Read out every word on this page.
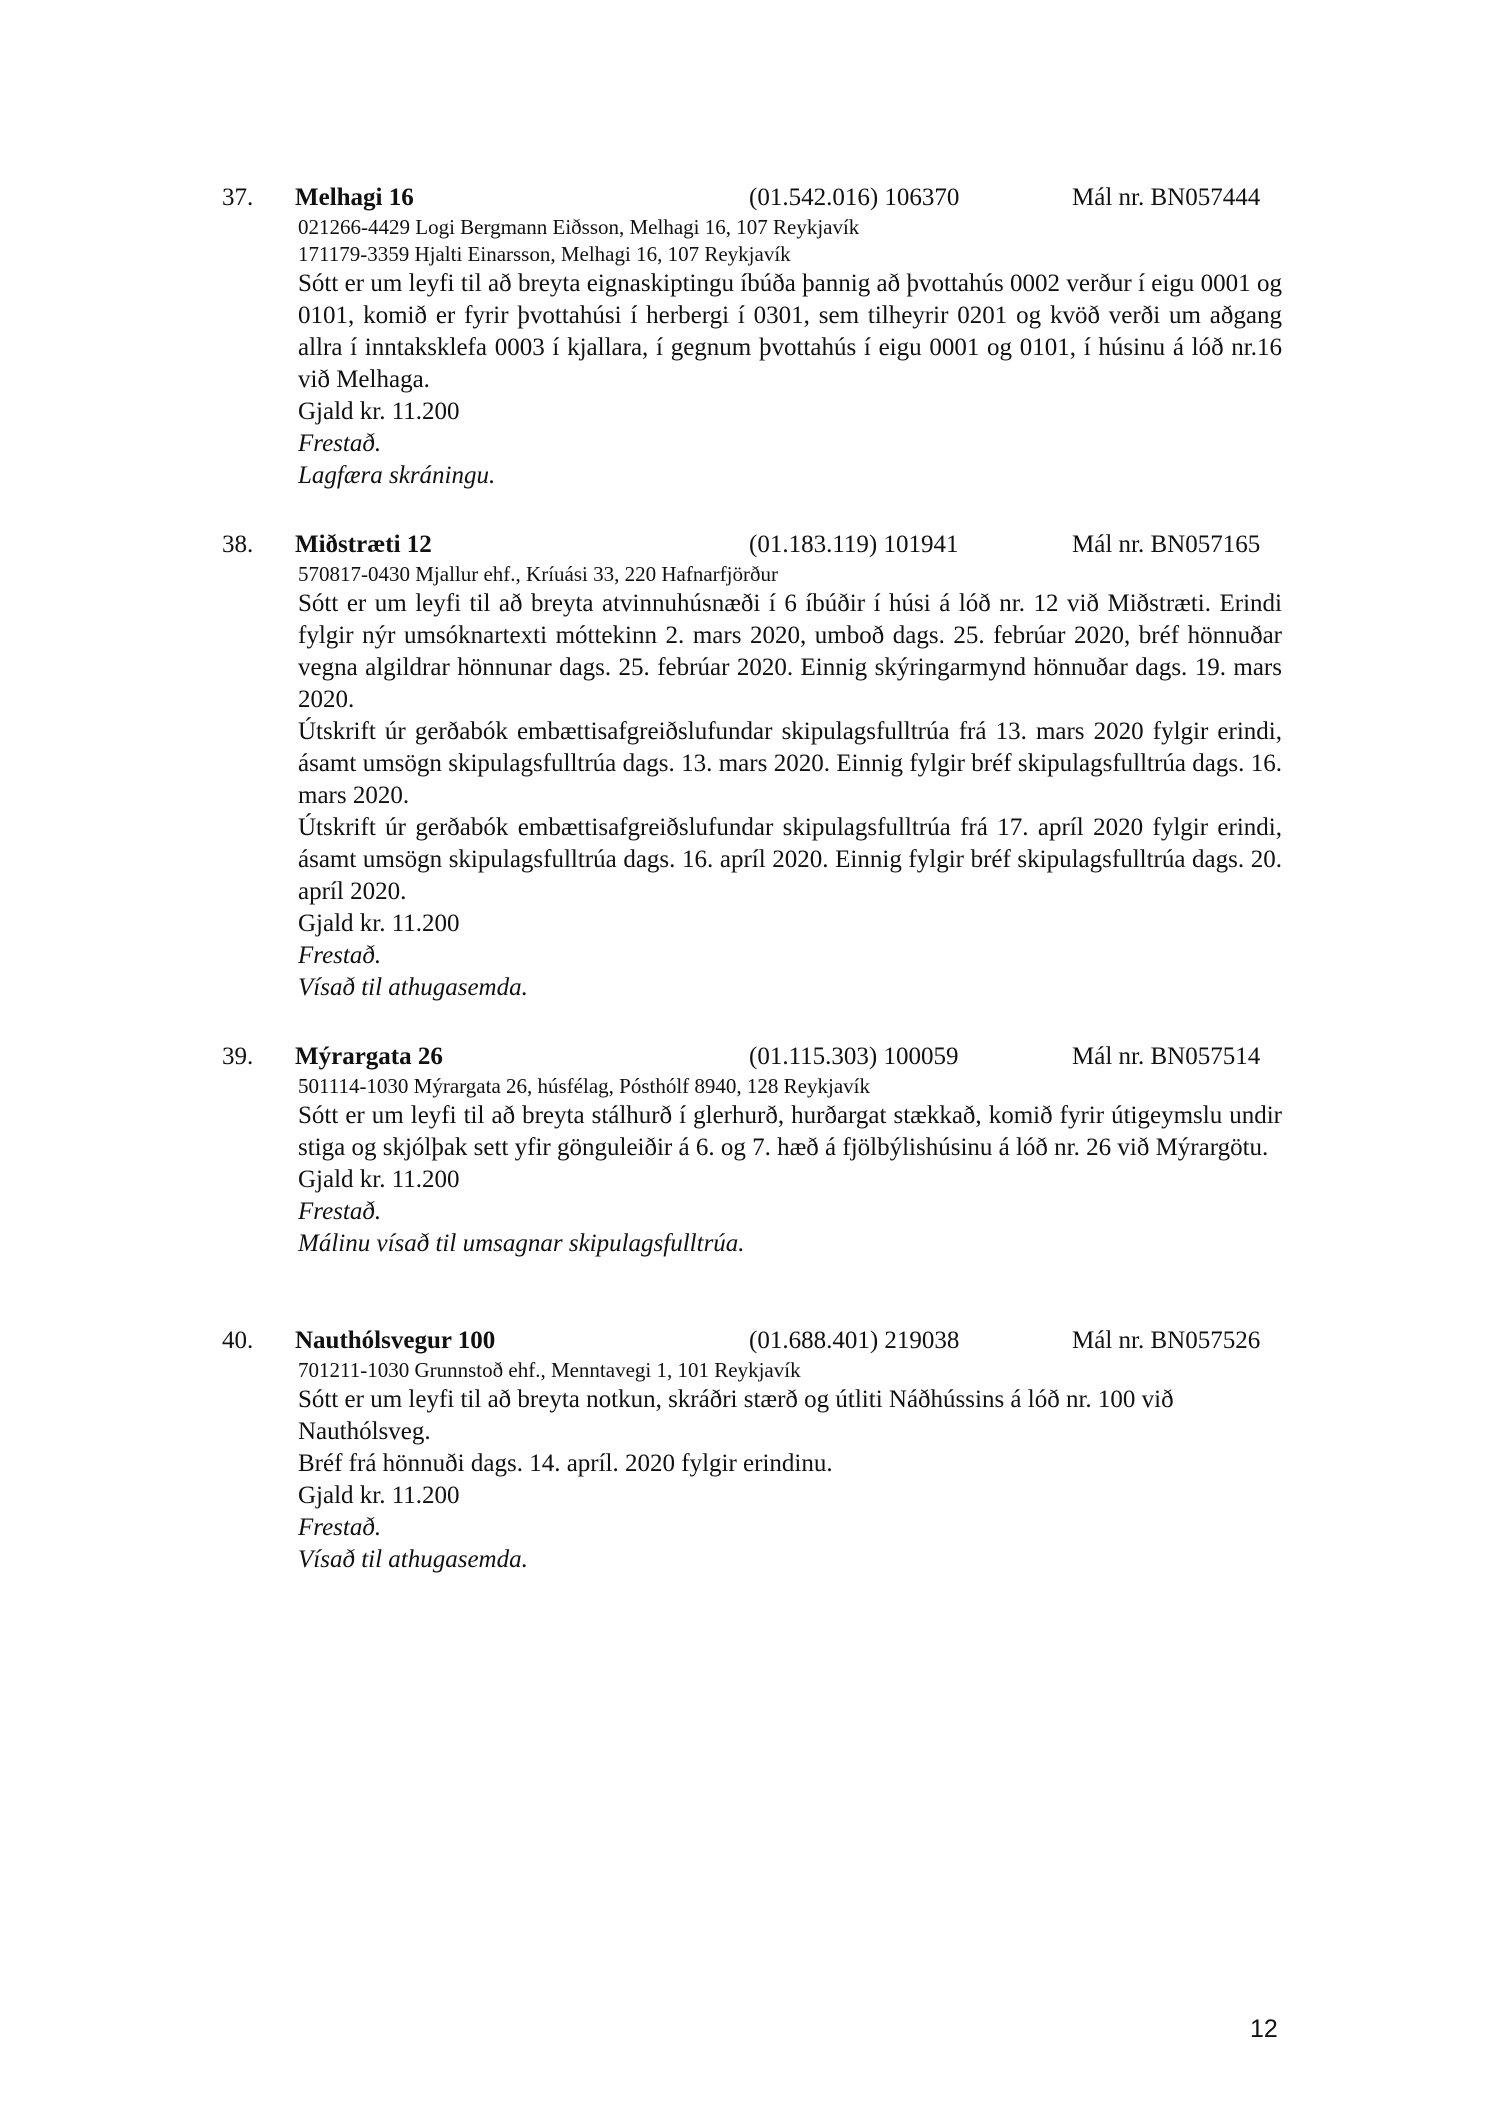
37. Melhagi 16	(01.542.016) 106370	Mál nr. BN057444
021266-4429 Logi Bergmann Eiðsson, Melhagi 16, 107 Reykjavík
171179-3359 Hjalti Einarsson, Melhagi 16, 107 Reykjavík

Sótt er um leyfi til að breyta eignaskiptingu íbúða þannig að þvottahús 0002 verður í eigu 0001 og 0101, komið er fyrir þvottahúsi í herbergi í 0301, sem tilheyrir 0201 og kvöð verði um aðgang allra í inntaksklefa 0003 í kjallara, í gegnum þvottahús í eigu 0001 og 0101, í húsinu á lóð nr.16 við Melhaga.

Gjald kr. 11.200

Frestað.

Lagfæra skráningu.

38. Miðstræti 12	(01.183.119) 101941	Mál nr. BN057165
570817-0430 Mjallur ehf., Kríuási 33, 220 Hafnarfjörður

Sótt er um leyfi til að breyta atvinnuhúsnæði í 6 íbúðir í húsi á lóð nr. 12 við Miðstræti. Erindi fylgir nýr umsóknartexti móttekinn 2. mars 2020, umboð dags. 25. febrúar 2020, bréf hönnuðar vegna algildrar hönnunar dags. 25. febrúar 2020. Einnig skýringarmynd hönnuðar dags. 19. mars 2020.

Útskrift úr gerðabók embættisafgreiðslufundar skipulagsfulltrúa frá 13. mars 2020 fylgir erindi, ásamt umsögn skipulagsfulltrúa dags. 13. mars 2020. Einnig fylgir bréf skipulagsfulltrúa dags. 16. mars 2020.

Útskrift úr gerðabók embættisafgreiðslufundar skipulagsfulltrúa frá 17. apríl 2020 fylgir erindi, ásamt umsögn skipulagsfulltrúa dags. 16. apríl 2020. Einnig fylgir bréf skipulagsfulltrúa dags. 20. apríl 2020.

Gjald kr. 11.200

Frestað.

Vísað til athugasemda.

39. Mýrargata 26	(01.115.303) 100059	Mál nr. BN057514
501114-1030 Mýrargata 26, húsfélag, Pósthólf 8940, 128 Reykjavík

Sótt er um leyfi til að breyta stálhurð í glerhurð, hurðargat stækkað, komið fyrir útigeymslu undir stiga og skjólþak sett yfir gönguleiðir á 6. og 7. hæð á fjölbýlishúsinu á lóð nr. 26 við Mýrargötu.

Gjald kr. 11.200

Frestað.

Málinu vísað til umsagnar skipulagsfulltrúa.

40. Nauthólsvegur 100	(01.688.401) 219038	Mál nr. BN057526
701211-1030 Grunnstoð ehf., Menntavegi 1, 101 Reykjavík

Sótt er um leyfi til að breyta notkun, skráðri stærð og útliti Náðhússins á lóð nr. 100 við Nauthólsveg.

Bréf frá hönnuði dags. 14. apríl. 2020 fylgir erindinu.

Gjald kr. 11.200

Frestað.

Vísað til athugasemda.

12
